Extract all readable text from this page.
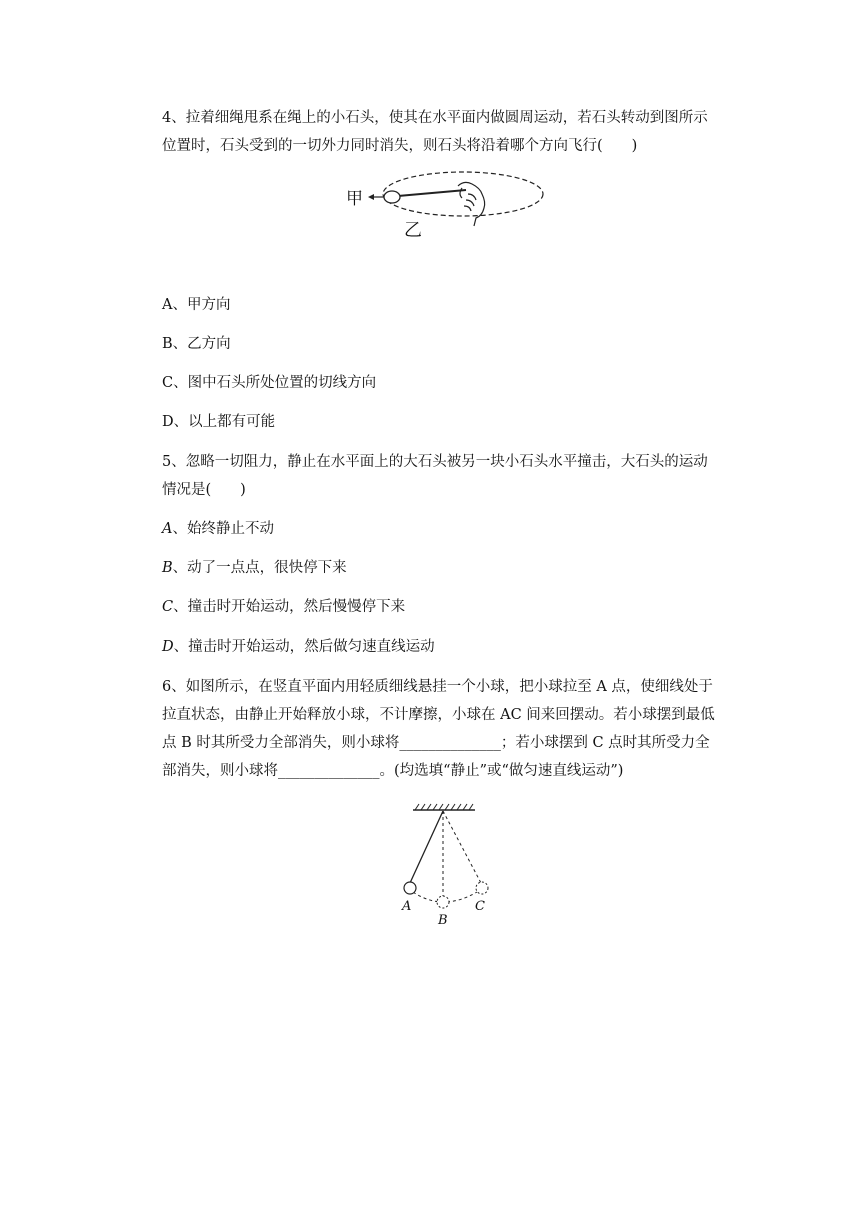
4、拉着细绳甩系在绳上的小石头，使其在水平面内做圆周运动，若石头转动到图所示
位置时，石头受到的一切外力同时消失，则石头将沿着哪个方向飞行(　　)
甲
乙
A、甲方向
B、乙方向
C、图中石头所处位置的切线方向
D、以上都有可能
5、忽略一切阻力，静止在水平面上的大石头被另一块小石头水平撞击，大石头的运动
情况是(　　)
A、始终静止不动
B、动了一点点，很快停下来
C、撞击时开始运动，然后慢慢停下来
D、撞击时开始运动，然后做匀速直线运动
6、如图所示，在竖直平面内用轻质细线悬挂一个小球，把小球拉至 A 点，使细线处于
拉直状态，由静止开始释放小球，不计摩擦，小球在 AC 间来回摆动。若小球摆到最低
点 B 时其所受力全部消失，则小球将______________；若小球摆到 C 点时其所受力全
部消失，则小球将______________。(均选填“静止”或“做匀速直线运动”)
A
B
C
